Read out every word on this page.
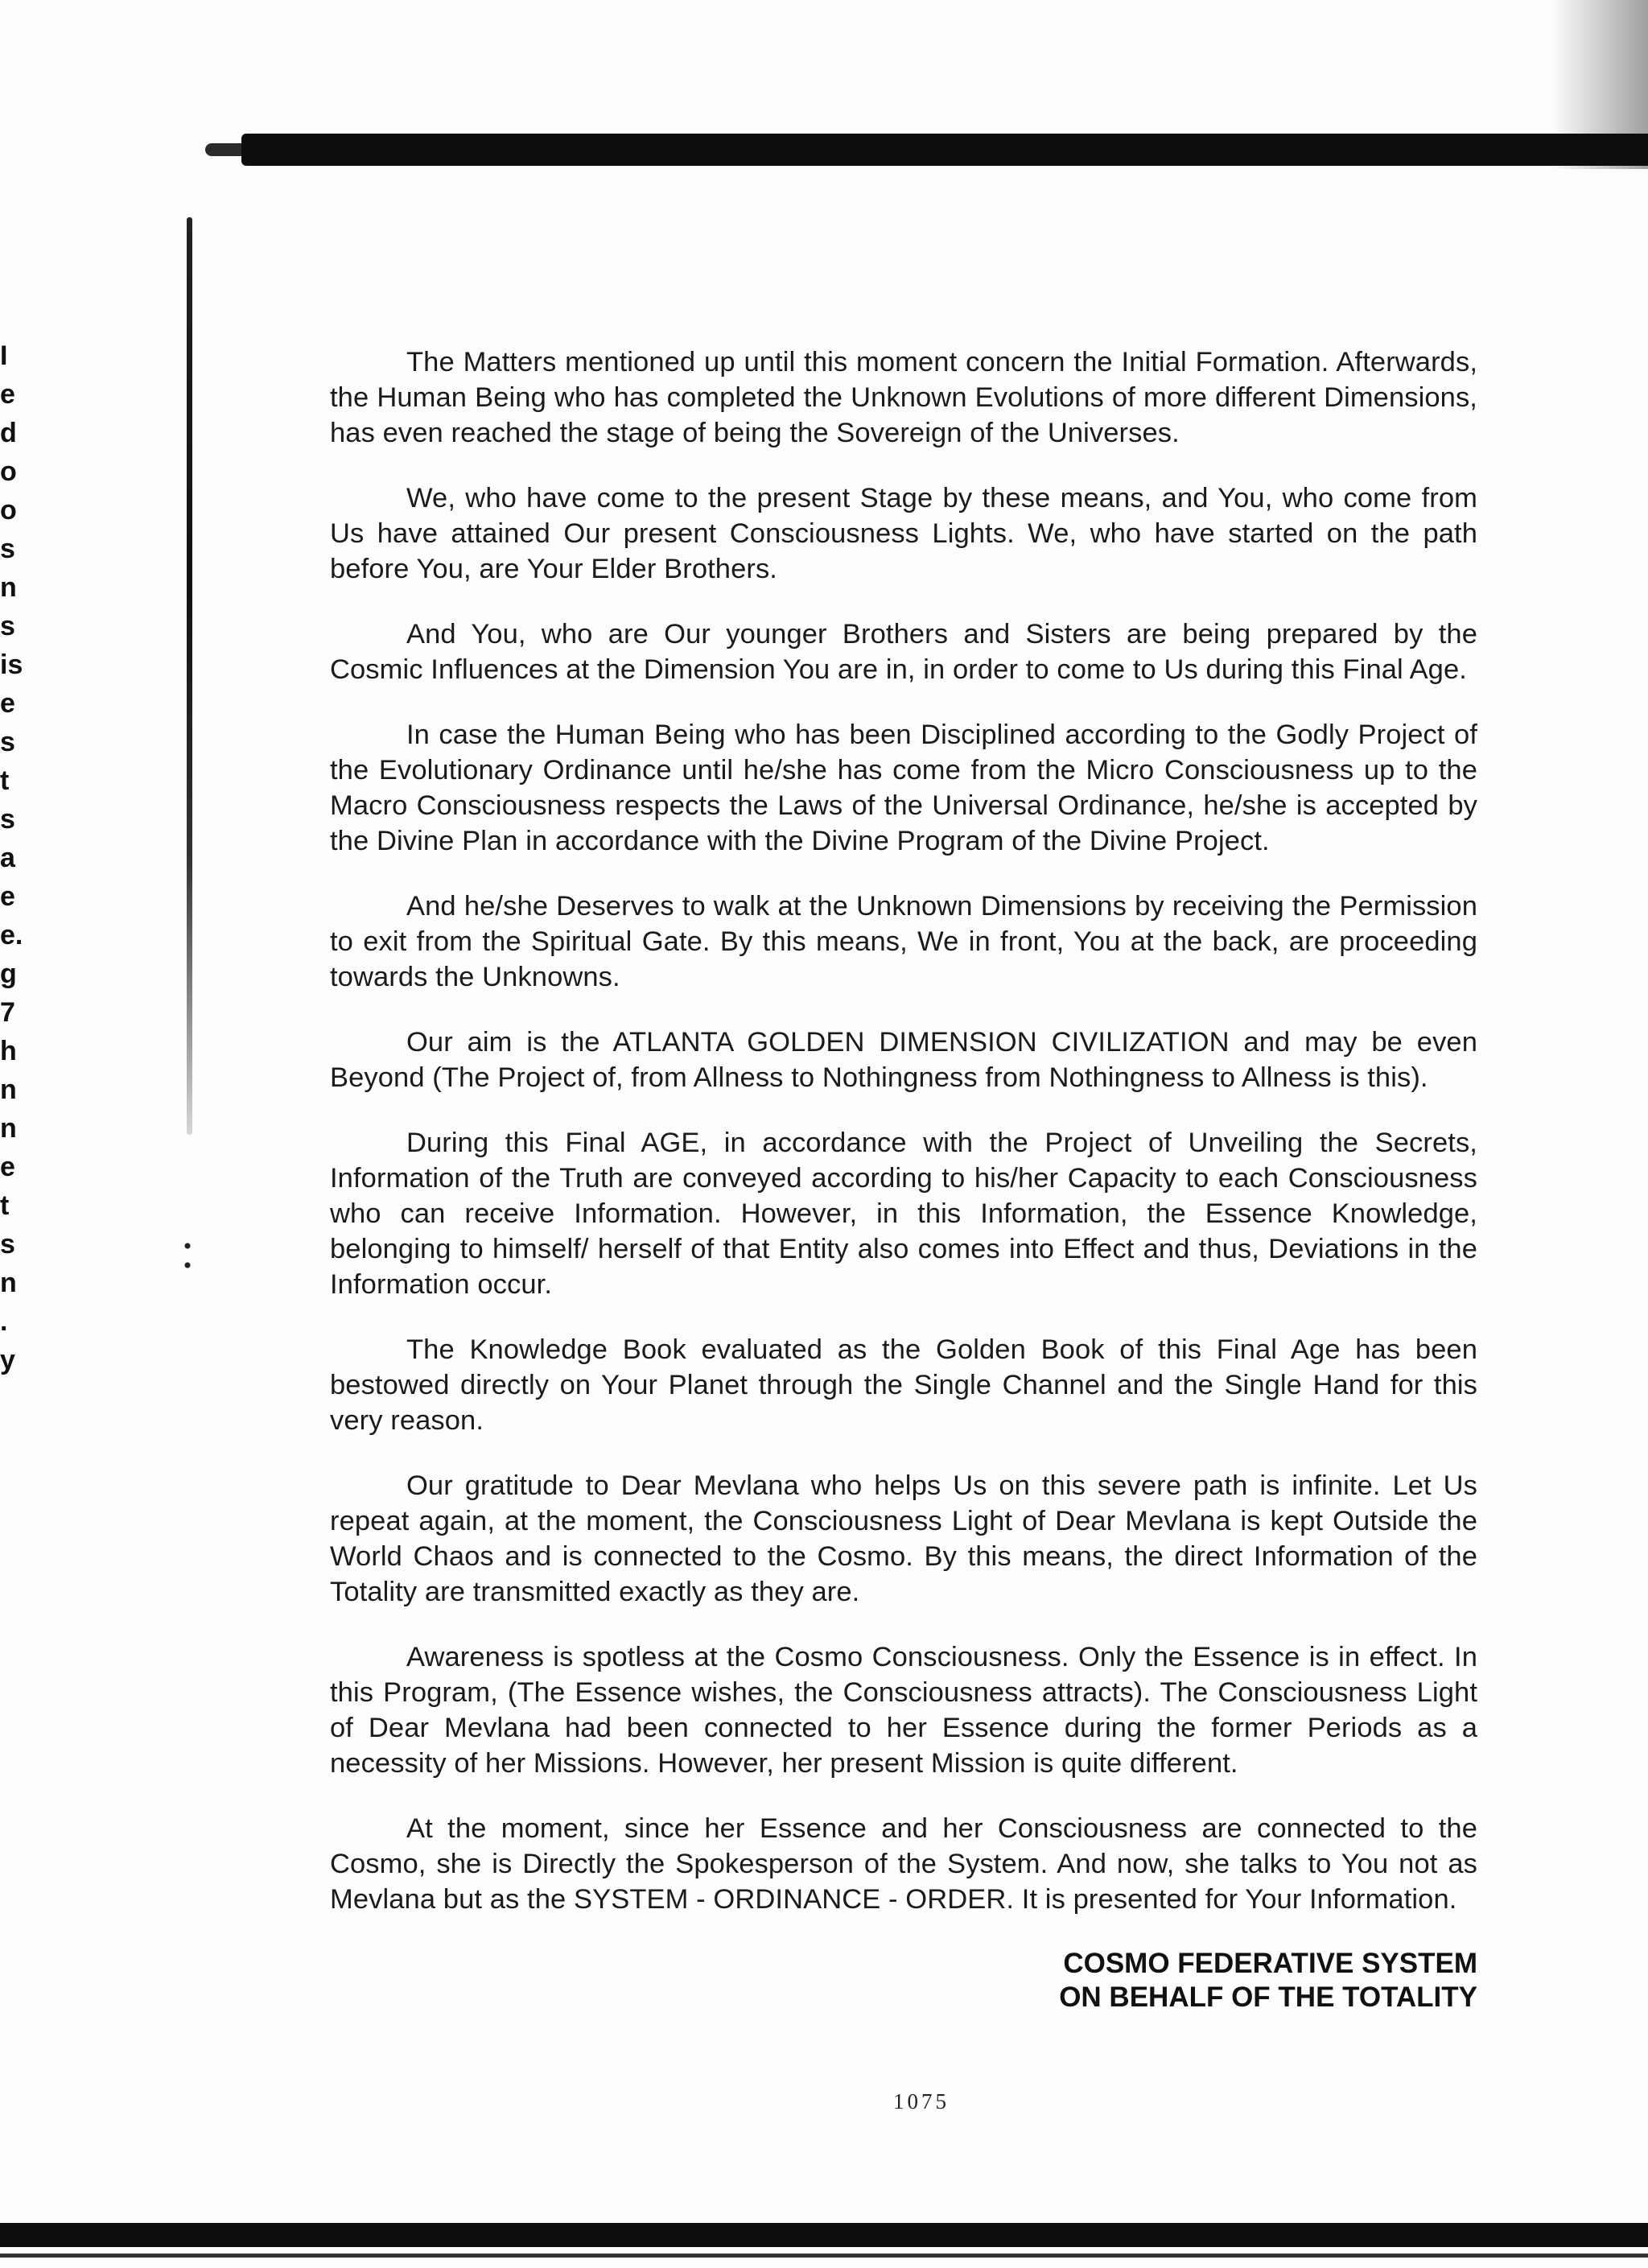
I
e
d
o
o
s
n
s
is
e
s
t
s
a
e
e.
g
7
h
n
n
e
t
s
n
.
y

The Matters mentioned up until this moment concern the Initial Formation. Afterwards, the Human Being who has completed the Unknown Evolutions of more different Dimensions, has even reached the stage of being the Sovereign of the Universes.

We, who have come to the present Stage by these means, and You, who come from Us have attained Our present Consciousness Lights. We, who have started on the path before You, are Your Elder Brothers.

And You, who are Our younger Brothers and Sisters are being prepared by the Cosmic Influences at the Dimension You are in, in order to come to Us during this Final Age.

In case the Human Being who has been Disciplined according to the Godly Project of the Evolutionary Ordinance until he/she has come from the Micro Consciousness up to the Macro Consciousness respects the Laws of the Universal Ordinance, he/she is accepted by the Divine Plan in accordance with the Divine Program of the Divine Project.

And he/she Deserves to walk at the Unknown Dimensions by receiving the Permission to exit from the Spiritual Gate. By this means, We in front, You at the back, are proceeding towards the Unknowns.

Our aim is the ATLANTA GOLDEN DIMENSION CIVILIZATION and may be even Beyond (The Project of, from Allness to Nothingness from Nothingness to Allness is this).

During this Final AGE, in accordance with the Project of Unveiling the Secrets, Information of the Truth are conveyed according to his/her Capacity to each Consciousness who can receive Information. However, in this Information, the Essence Knowledge, belonging to himself/ herself of that Entity also comes into Effect and thus, Deviations in the Information occur.

The Knowledge Book evaluated as the Golden Book of this Final Age has been bestowed directly on Your Planet through the Single Channel and the Single Hand for this very reason.

Our gratitude to Dear Mevlana who helps Us on this severe path is infinite. Let Us repeat again, at the moment, the Consciousness Light of Dear Mevlana is kept Outside the World Chaos and is connected to the Cosmo. By this means, the direct Information of the Totality are transmitted exactly as they are.

Awareness is spotless at the Cosmo Consciousness. Only the Essence is in effect. In this Program, (The Essence wishes, the Consciousness attracts). The Consciousness Light of Dear Mevlana had been connected to her Essence during the former Periods as a necessity of her Missions. However, her present Mission is quite different.

At the moment, since her Essence and her Consciousness are connected to the Cosmo, she is Directly the Spokesperson of the System. And now, she talks to You not as Mevlana but as the SYSTEM - ORDINANCE - ORDER. It is presented for Your Information.

COSMO FEDERATIVE SYSTEM
ON BEHALF OF THE TOTALITY
1075
